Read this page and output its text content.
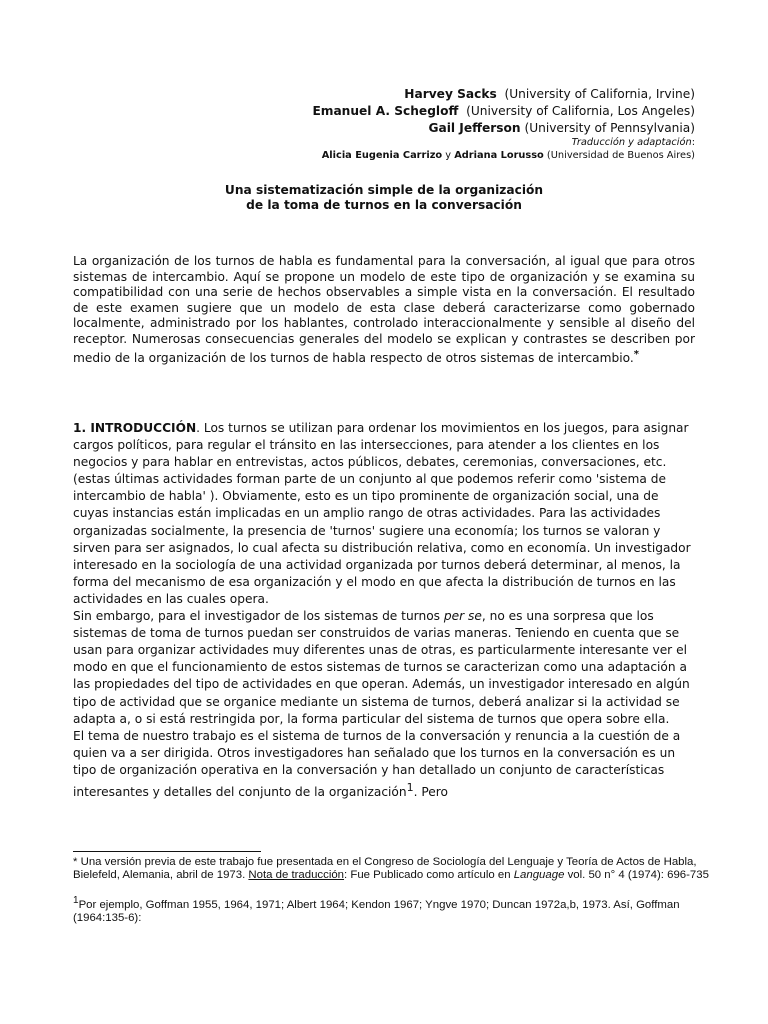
Harvey Sacks (University of California, Irvine)
Emanuel A. Schegloff (University of California, Los Angeles)
Gail Jefferson (University of Pennsylvania)
Traducción y adaptación:
Alicia Eugenia Carrizo y Adriana Lorusso (Universidad de Buenos Aires)
Una sistematización simple de la organización
de la toma de turnos en la conversación
La organización de los turnos de habla es fundamental para la conversación, al igual que para otros sistemas de intercambio. Aquí se propone un modelo de este tipo de organización y se examina su compatibilidad con una serie de hechos observables a simple vista en la conversación. El resultado de este examen sugiere que un modelo de esta clase deberá caracterizarse como gobernado localmente, administrado por los hablantes, controlado interaccionalmente y sensible al diseño del receptor. Numerosas consecuencias generales del modelo se explican y contrastes se describen por medio de la organización de los turnos de habla respecto de otros sistemas de intercambio.*

1. INTRODUCCIÓN. Los turnos se utilizan para ordenar los movimientos en los juegos, para asignar cargos políticos, para regular el tránsito en las intersecciones, para atender a los clientes en los negocios y para hablar en entrevistas, actos públicos, debates, ceremonias, conversaciones, etc. (estas últimas actividades forman parte de un conjunto al que podemos referir como 'sistema de intercambio de habla' ). Obviamente, esto es un tipo prominente de organización social, una de cuyas instancias están implicadas en un amplio rango de otras actividades. Para las actividades organizadas socialmente, la presencia de 'turnos' sugiere una economía; los turnos se valoran y sirven para ser asignados, lo cual afecta su distribución relativa, como en economía. Un investigador interesado en la sociología de una actividad organizada por turnos deberá determinar, al menos, la forma del mecanismo de esa organización y el modo en que afecta la distribución de turnos en las actividades en las cuales opera.

Sin embargo, para el investigador de los sistemas de turnos per se, no es una sorpresa que los sistemas de toma de turnos puedan ser construidos de varias maneras. Teniendo en cuenta que se usan para organizar actividades muy diferentes unas de otras, es particularmente interesante ver el modo en que el funcionamiento de estos sistemas de turnos se caracterizan como una adaptación a las propiedades del tipo de actividades en que operan. Además, un investigador interesado en algún tipo de actividad que se organice mediante un sistema de turnos, deberá analizar si la actividad se adapta a, o si está restringida por, la forma particular del sistema de turnos que opera sobre ella.

El tema de nuestro trabajo es el sistema de turnos de la conversación y renuncia a la cuestión de a quien va a ser dirigida. Otros investigadores han señalado que los turnos en la conversación es un tipo de organización operativa en la conversación y han detallado un conjunto de características interesantes y detalles del conjunto de la organización$^1$. Pero

* Una versión previa de este trabajo fue presentada en el Congreso de Sociología del Lenguaje y Teoría de Actos de Habla, Bielefeld, Alemania, abril de 1973. Nota de traducción: Fue Publicado como artículo en Language vol. 50 n° 4 (1974): 696-735

$^1$Por ejemplo, Goffman 1955, 1964, 1971; Albert 1964; Kendon 1967; Yngve 1970; Duncan 1972a,b, 1973. Así, Goffman (1964:135-6):
